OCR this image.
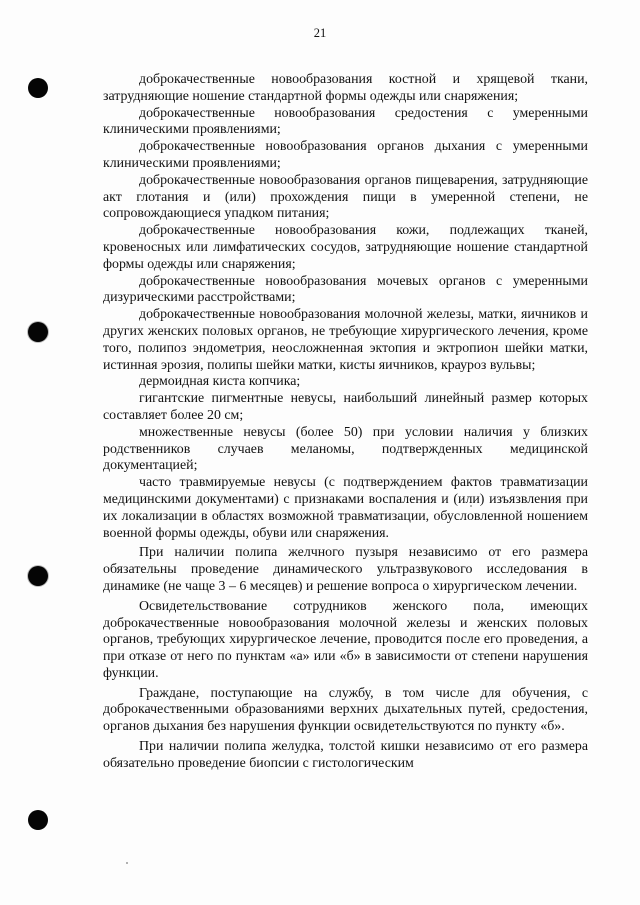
21

доброкачественные новообразования костной и хрящевой ткани, затрудняющие ношение стандартной формы одежды или снаряжения;

доброкачественные новообразования средостения с умеренными клиническими проявлениями;

доброкачественные новообразования органов дыхания с умеренными клиническими проявлениями;

доброкачественные новообразования органов пищеварения, затрудняющие акт глотания и (или) прохождения пищи в умеренной степени, не сопровождающиеся упадком питания;

доброкачественные новообразования кожи, подлежащих тканей, кровеносных или лимфатических сосудов, затрудняющие ношение стандартной формы одежды или снаряжения;

доброкачественные новообразования мочевых органов с умеренными дизурическими расстройствами;

доброкачественные новообразования молочной железы, матки, яичников и других женских половых органов, не требующие хирургического лечения, кроме того, полипоз эндометрия, неосложненная эктопия и эктропион шейки матки, истинная эрозия, полипы шейки матки, кисты яичников, крауроз вульвы;

дермоидная киста копчика;

гигантские пигментные невусы, наибольший линейный размер которых составляет более 20 см;

множественные невусы (более 50) при условии наличия у близких родственников случаев меланомы, подтвержденных медицинской документацией;

часто травмируемые невусы (с подтверждением фактов травматизации медицинскими документами) с признаками воспаления и (или) изъязвления при их локализации в областях возможной травматизации, обусловленной ношением военной формы одежды, обуви или снаряжения.

При наличии полипа желчного пузыря независимо от его размера обязательны проведение динамического ультразвукового исследования в динамике (не чаще 3 – 6 месяцев) и решение вопроса о хирургическом лечении.

Освидетельствование сотрудников женского пола, имеющих доброкачественные новообразования молочной железы и женских половых органов, требующих хирургическое лечение, проводится после его проведения, а при отказе от него по пунктам «а» или «б» в зависимости от степени нарушения функции.

Граждане, поступающие на службу, в том числе для обучения, с доброкачественными образованиями верхних дыхательных путей, средостения, органов дыхания без нарушения функции освидетельствуются по пункту «б».

При наличии полипа желудка, толстой кишки независимо от его размера обязательно проведение биопсии с гистологическим
